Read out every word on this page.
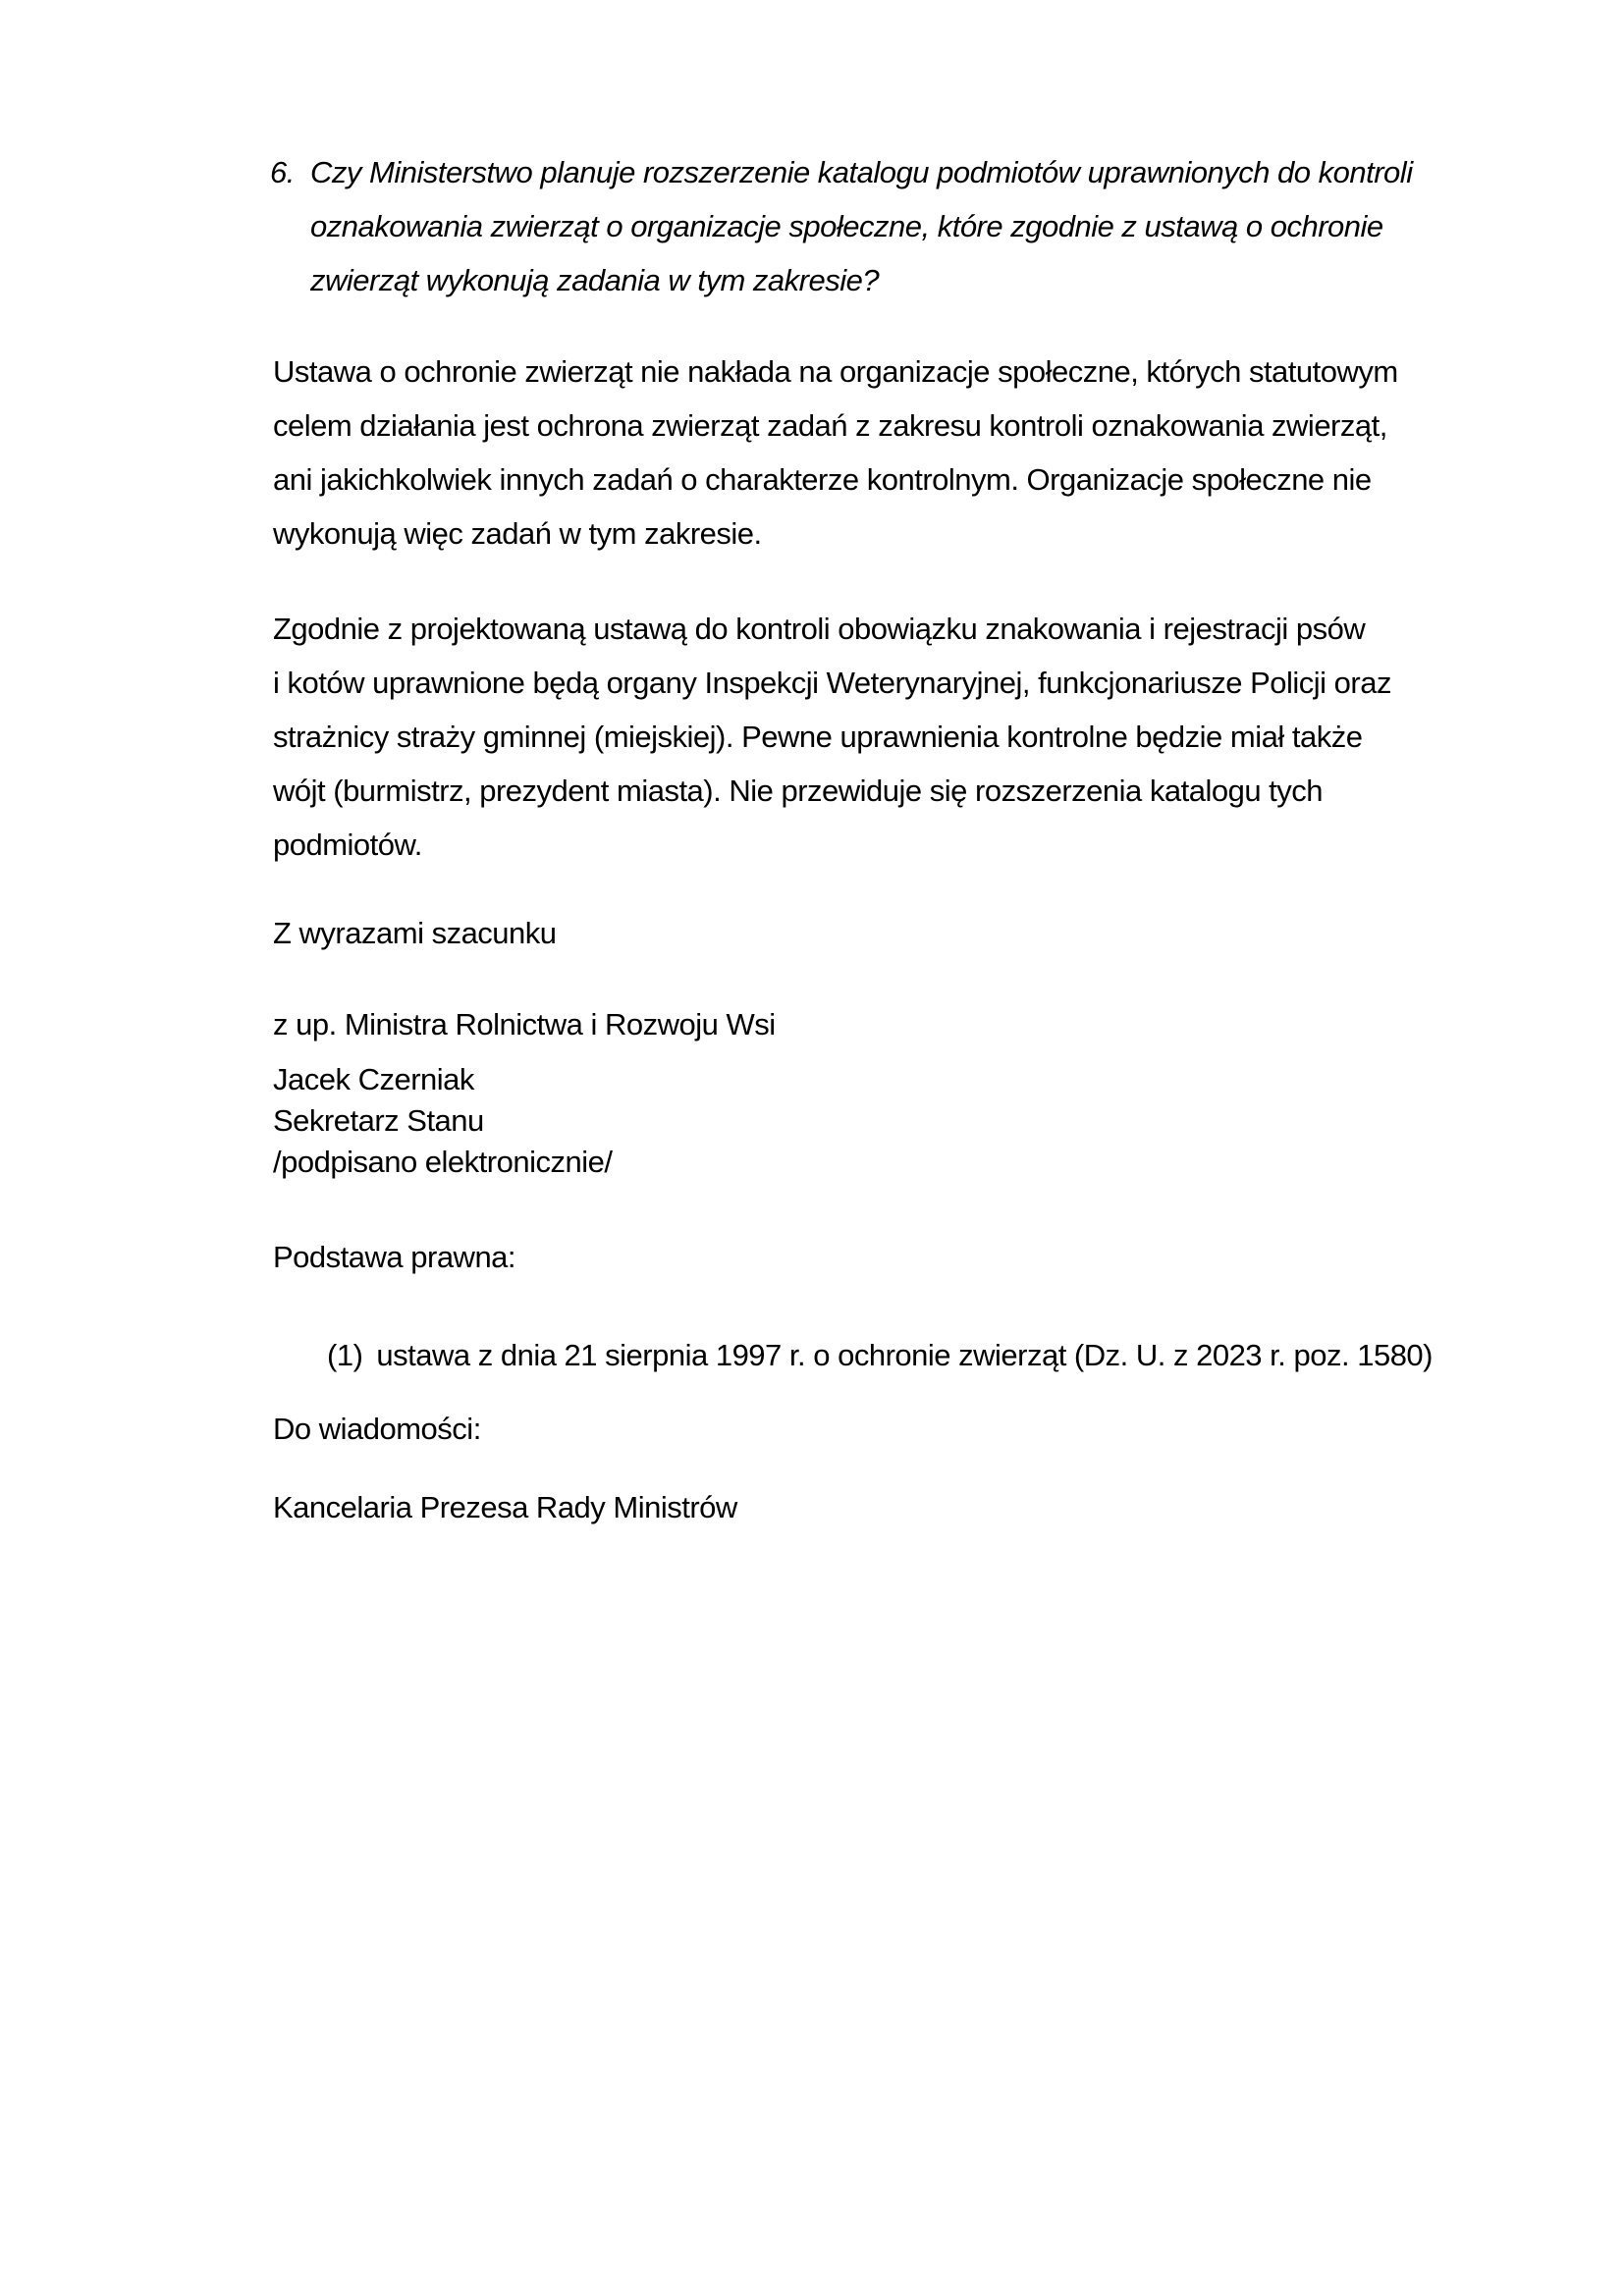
6. Czy Ministerstwo planuje rozszerzenie katalogu podmiotów uprawnionych do kontroli
oznakowania zwierząt o organizacje społeczne, które zgodnie z ustawą o ochronie
zwierząt wykonują zadania w tym zakresie?
Ustawa o ochronie zwierząt nie nakłada na organizacje społeczne, których statutowym
celem działania jest ochrona zwierząt zadań z zakresu kontroli oznakowania zwierząt,
ani jakichkolwiek innych zadań o charakterze kontrolnym. Organizacje społeczne nie
wykonują więc zadań w tym zakresie.
Zgodnie z projektowaną ustawą do kontroli obowiązku znakowania i rejestracji psów
i kotów uprawnione będą organy Inspekcji Weterynaryjnej, funkcjonariusze Policji oraz
strażnicy straży gminnej (miejskiej). Pewne uprawnienia kontrolne będzie miał także
wójt (burmistrz, prezydent miasta). Nie przewiduje się rozszerzenia katalogu tych
podmiotów.
Z wyrazami szacunku
z up. Ministra Rolnictwa i Rozwoju Wsi
Jacek Czerniak
Sekretarz Stanu
/podpisano elektronicznie/
Podstawa prawna:
(1) ustawa z dnia 21 sierpnia 1997 r. o ochronie zwierząt (Dz. U. z 2023 r. poz. 1580)
Do wiadomości:
Kancelaria Prezesa Rady Ministrów
